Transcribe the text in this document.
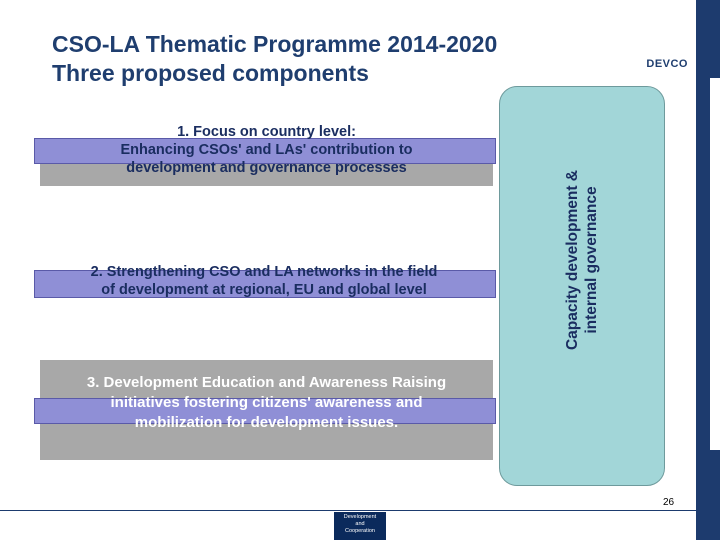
CSO-LA Thematic Programme 2014-2020
Three proposed components	DEVCO
1. Focus on country level:
Enhancing CSOs' and LAs' contribution to
development and governance processes
2. Strengthening CSO and LA networks in the field
of development at regional, EU and global level
3. Development Education and Awareness Raising
initiatives fostering citizens' awareness and
mobilization for development issues.
Capacity development & internal governance
26
Development
and
Cooperation
